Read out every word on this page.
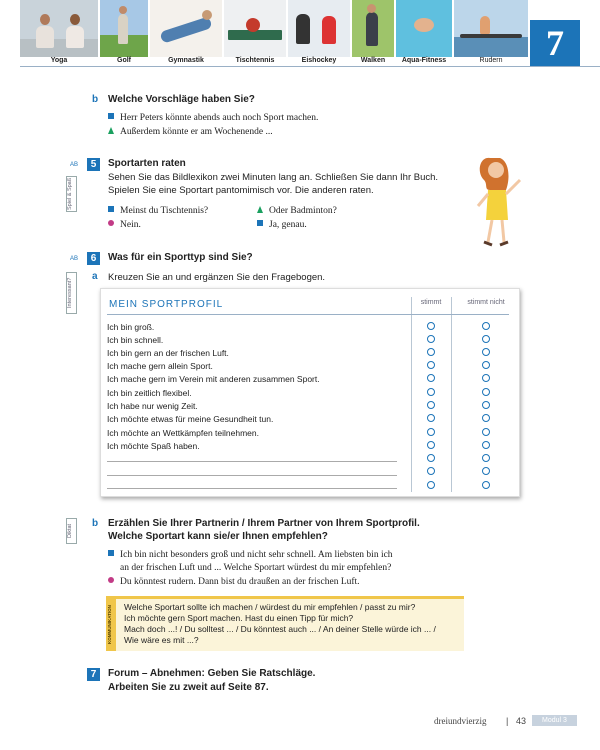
Yoga	Golf	Gymnastik	Tischtennis	Eishockey	Walken	Aqua-Fitness	Rudern	7
b Welche Vorschläge haben Sie?
Herr Peters könnte abends auch noch Sport machen.
Außerdem könnte er am Wochenende ...
AB	5
Spiel & Spaß
Sportarten raten
Sehen Sie das Bildlexikon zwei Minuten lang an. Schließen Sie dann Ihr Buch.
Spielen Sie eine Sportart pantomimisch vor. Die anderen raten.
Meinst du Tischtennis?	Oder Badminton?
Nein.	Ja, genau.
AB	6	Was für ein Sporttyp sind Sie?
Interessant?
a Kreuzen Sie an und ergänzen Sie den Fragebogen.
MEIN SPORTPROFIL	stimmt	stimmt nicht
Ich bin groß.
Ich bin schnell.
Ich bin gern an der frischen Luft.
Ich mache gern allein Sport.
Ich mache gern im Verein mit anderen zusammen Sport.
Ich bin zeitlich flexibel.
Ich habe nur wenig Zeit.
Ich möchte etwas für meine Gesundheit tun.
Ich möchte an Wettkämpfen teilnehmen.
Ich möchte Spaß haben.
Diktat
b Erzählen Sie Ihrer Partnerin / Ihrem Partner von Ihrem Sportprofil.
Welche Sportart kann sie/er Ihnen empfehlen?
Ich bin nicht besonders groß und nicht sehr schnell. Am liebsten bin ich
an der frischen Luft und ... Welche Sportart würdest du mir empfehlen?
Du könntest rudern. Dann bist du draußen an der frischen Luft.
KOMMUNIKATION	Welche Sportart sollte ich machen / würdest du mir empfehlen / passt zu mir?
Ich möchte gern Sport machen. Hast du einen Tipp für mich?
Mach doch ...! / Du solltest ... / Du könntest auch ... / An deiner Stelle würde ich ... /
Wie wäre es mit ...?
7	Forum – Abnehmen: Geben Sie Ratschläge.
Arbeiten Sie zu zweit auf Seite 87.
dreiundvierzig | 43	Modul 3
